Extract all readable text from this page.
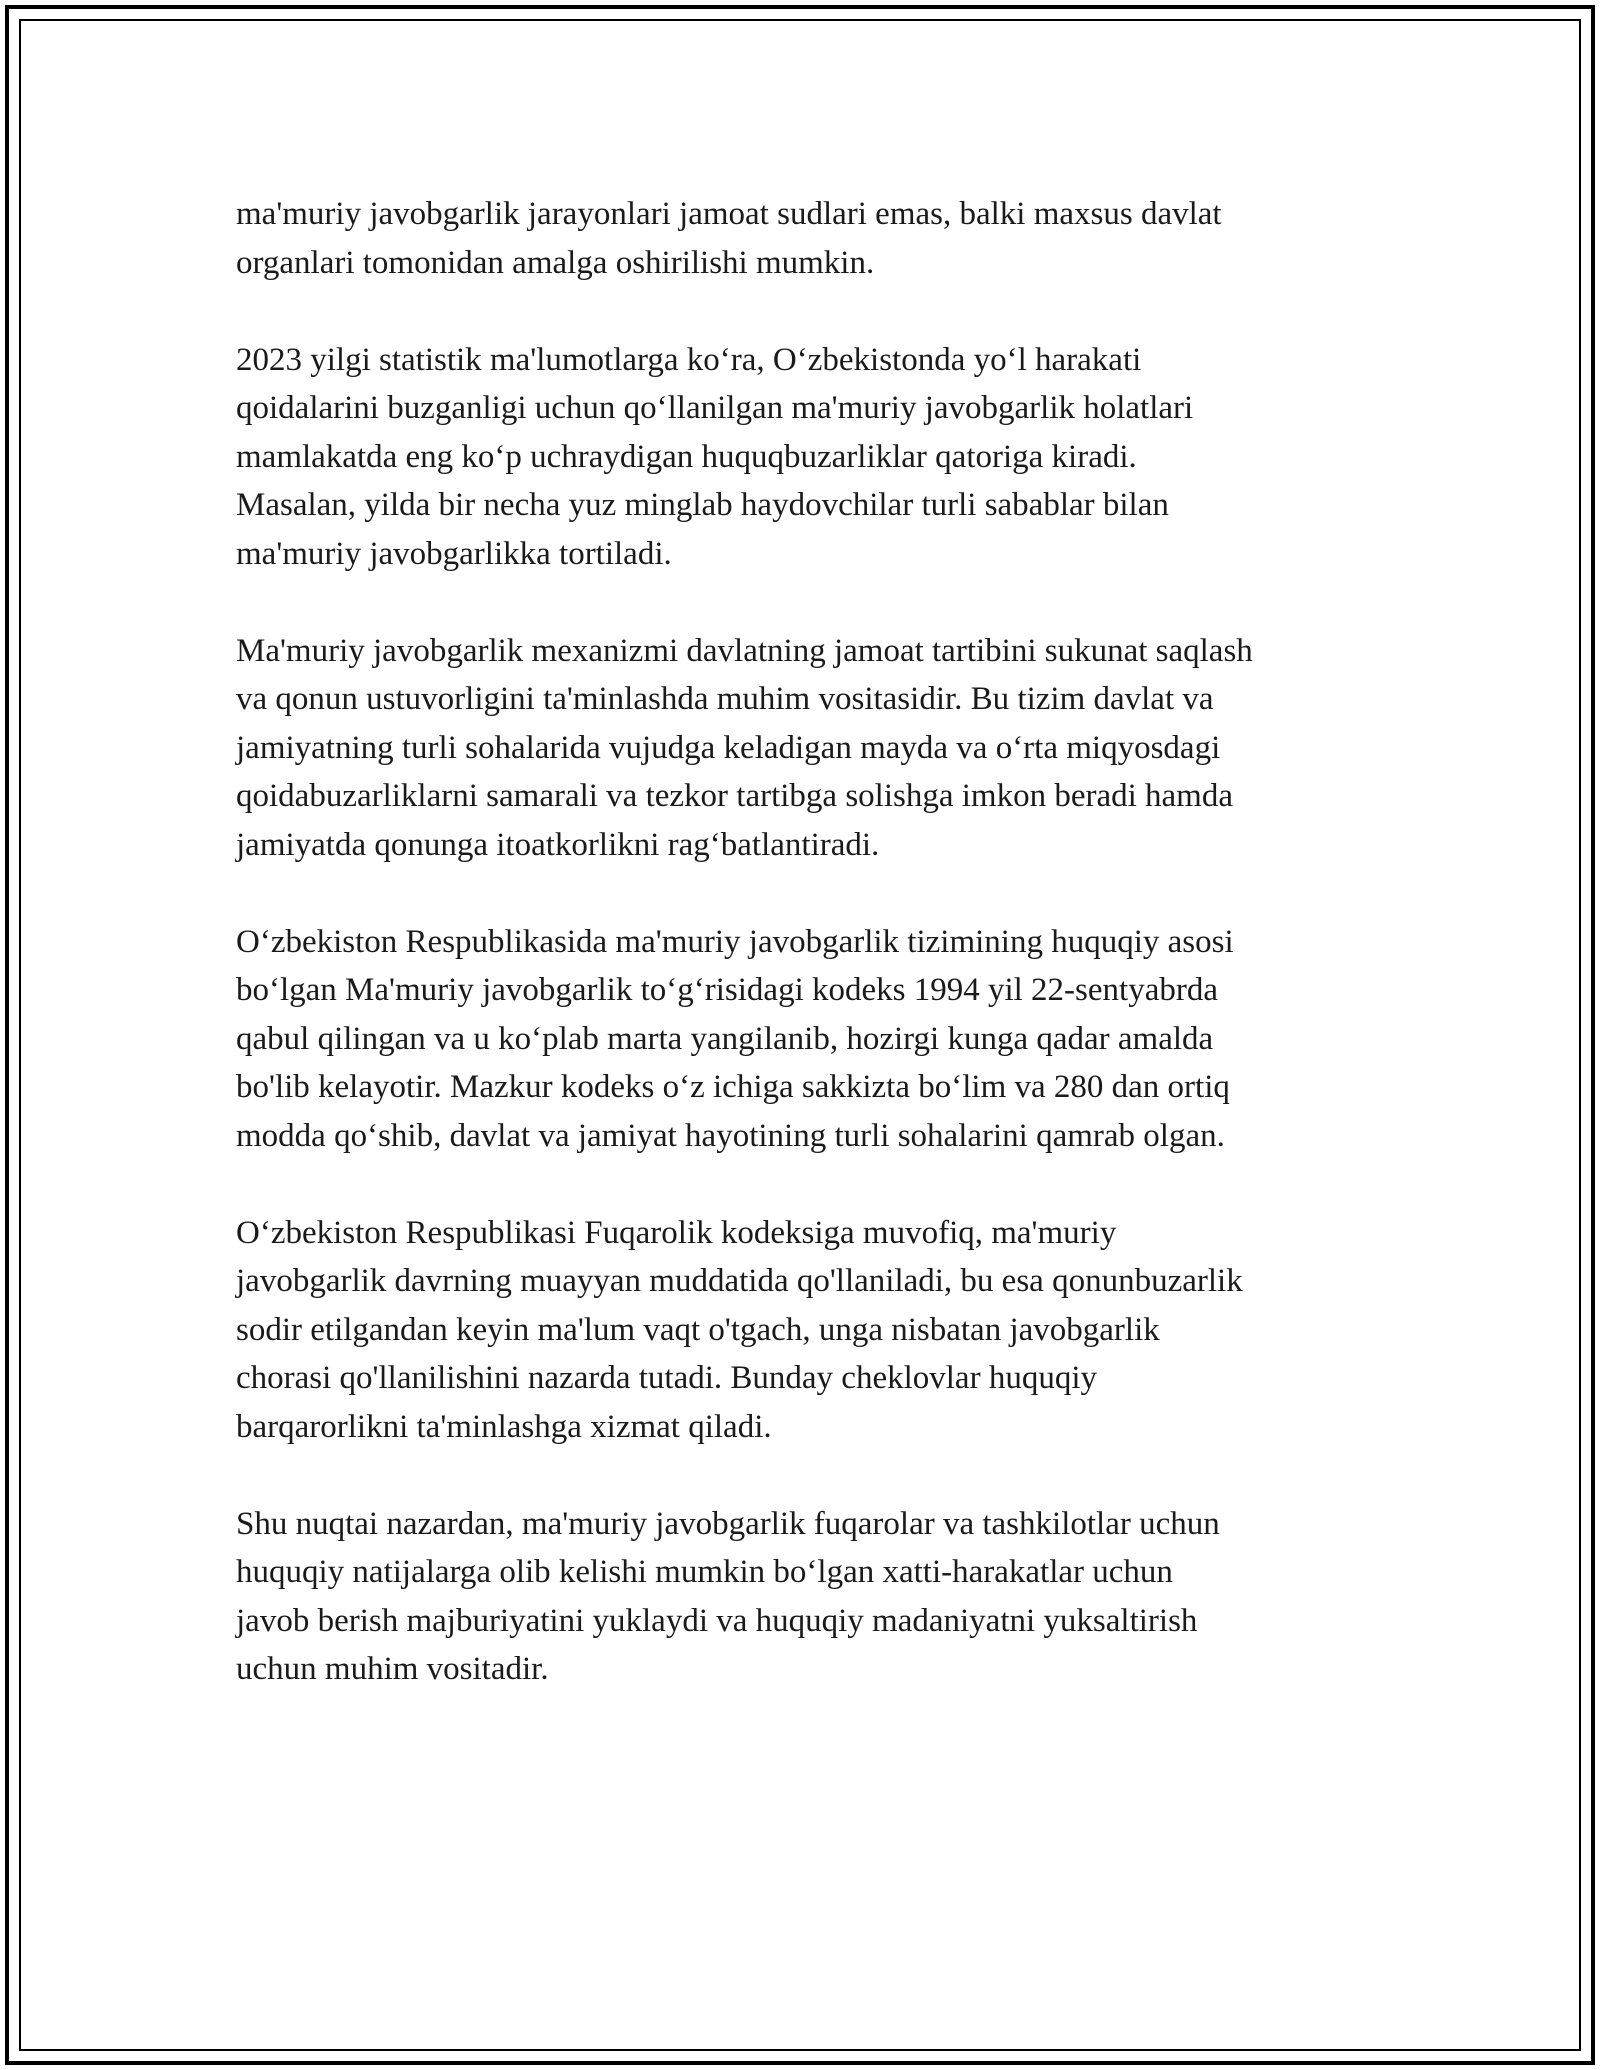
ma'muriy javobgarlik jarayonlari jamoat sudlari emas, balki maxsus davlat
organlari tomonidan amalga oshirilishi mumkin.

2023 yilgi statistik ma'lumotlarga ko‘ra, O‘zbekistonda yo‘l harakati
qoidalarini buzganligi uchun qo‘llanilgan ma'muriy javobgarlik holatlari
mamlakatda eng ko‘p uchraydigan huquqbuzarliklar qatoriga kiradi.
Masalan, yilda bir necha yuz minglab haydovchilar turli sabablar bilan
ma'muriy javobgarlikka tortiladi.

Ma'muriy javobgarlik mexanizmi davlatning jamoat tartibini sukunat saqlash
va qonun ustuvorligini ta'minlashda muhim vositasidir. Bu tizim davlat va
jamiyatning turli sohalarida vujudga keladigan mayda va o‘rta miqyosdagi
qoidabuzarliklarni samarali va tezkor tartibga solishga imkon beradi hamda
jamiyatda qonunga itoatkorlikni rag‘batlantiradi.

O‘zbekiston Respublikasida ma'muriy javobgarlik tizimining huquqiy asosi
bo‘lgan Ma'muriy javobgarlik to‘g‘risidagi kodeks 1994 yil 22-sentyabrda
qabul qilingan va u ko‘plab marta yangilanib, hozirgi kunga qadar amalda
bo'lib kelayotir. Mazkur kodeks o‘z ichiga sakkizta bo‘lim va 280 dan ortiq
modda qo‘shib, davlat va jamiyat hayotining turli sohalarini qamrab olgan.

O‘zbekiston Respublikasi Fuqarolik kodeksiga muvofiq, ma'muriy
javobgarlik davrning muayyan muddatida qo'llaniladi, bu esa qonunbuzarlik
sodir etilgandan keyin ma'lum vaqt o'tgach, unga nisbatan javobgarlik
chorasi qo'llanilishini nazarda tutadi. Bunday cheklovlar huquqiy
barqarorlikni ta'minlashga xizmat qiladi.

Shu nuqtai nazardan, ma'muriy javobgarlik fuqarolar va tashkilotlar uchun
huquqiy natijalarga olib kelishi mumkin bo‘lgan xatti-harakatlar uchun
javob berish majburiyatini yuklaydi va huquqiy madaniyatni yuksaltirish
uchun muhim vositadir.
